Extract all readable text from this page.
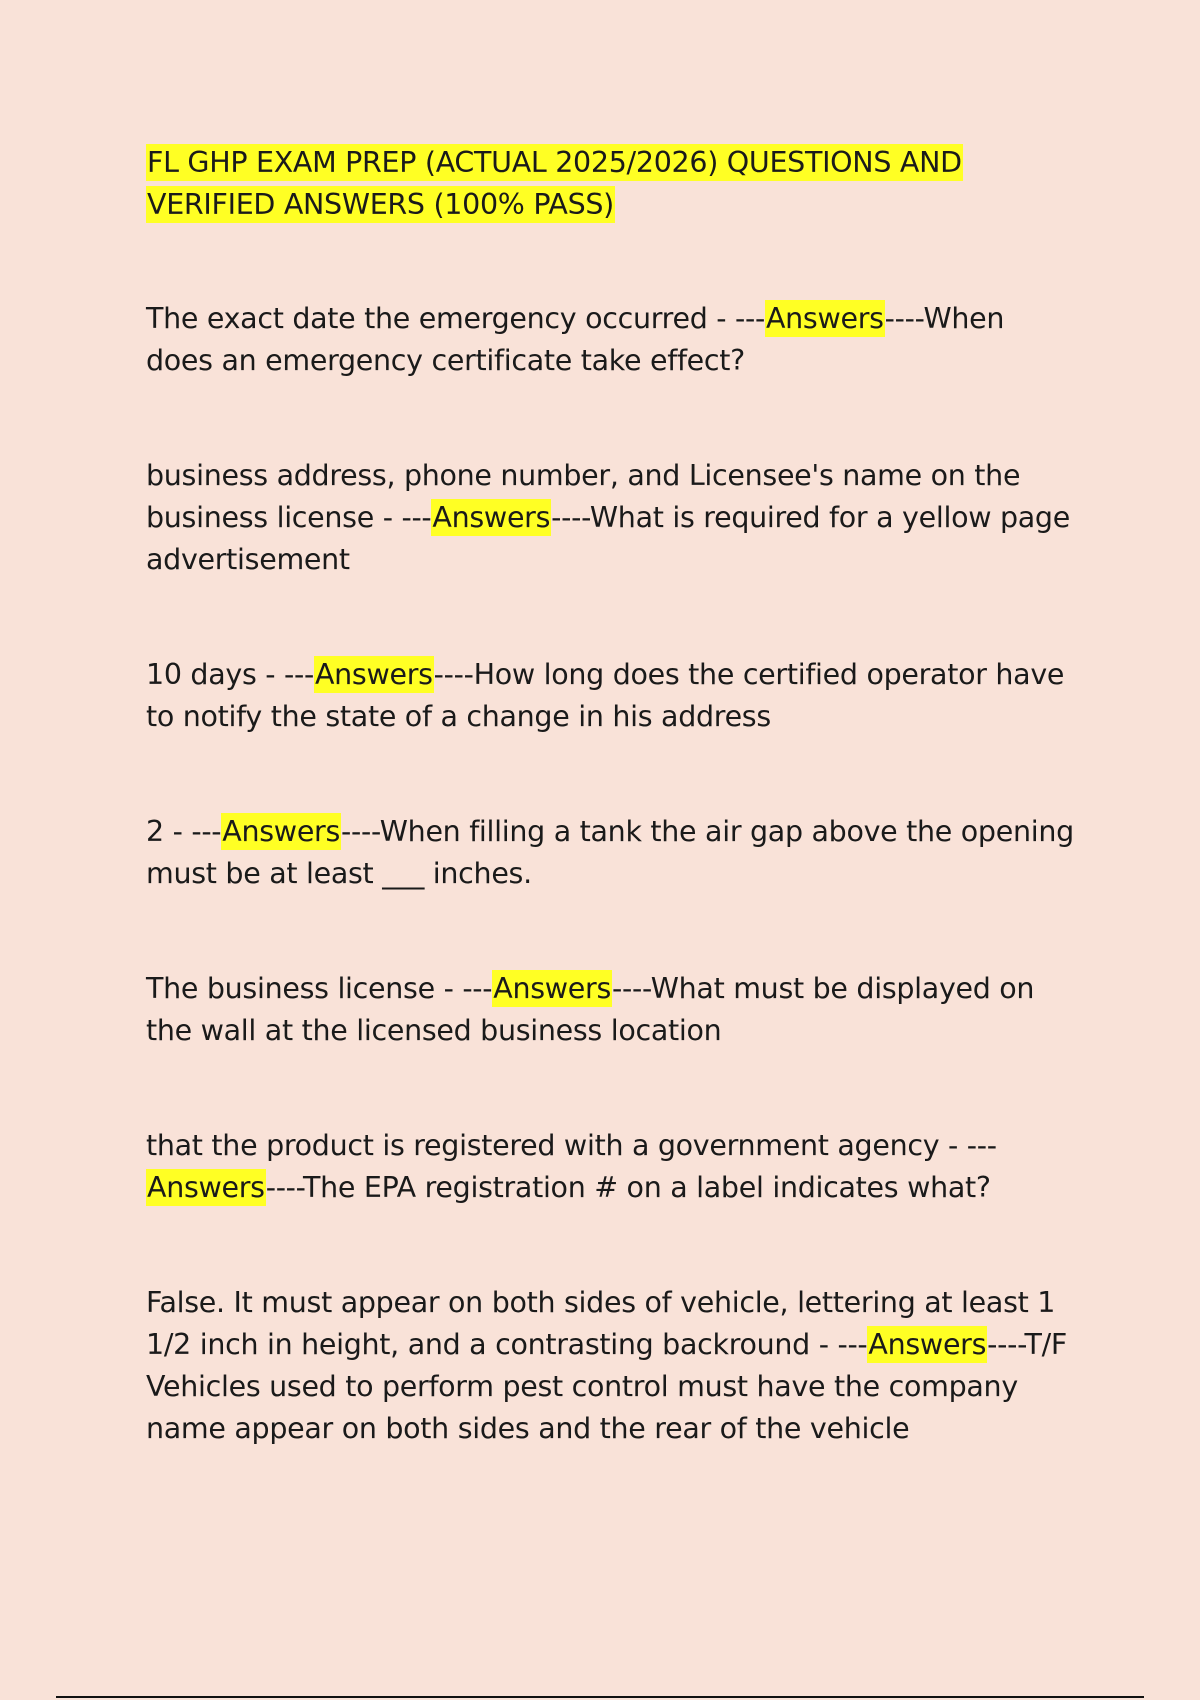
FL GHP EXAM PREP (ACTUAL 2025/2026) QUESTIONS AND VERIFIED ANSWERS (100% PASS)

The exact date the emergency occurred - ---Answers----When does an emergency certificate take effect?

business address, phone number, and Licensee's name on the business license - ---Answers----What is required for a yellow page advertisement

10 days - ---Answers----How long does the certified operator have to notify the state of a change in his address

2 - ---Answers----When filling a tank the air gap above the opening must be at least ___ inches.

The business license - ---Answers----What must be displayed on the wall at the licensed business location

that the product is registered with a government agency - ---Answers----The EPA registration # on a label indicates what?

False. It must appear on both sides of vehicle, lettering at least 1 1/2 inch in height, and a contrasting backround - ---Answers----T/F Vehicles used to perform pest control must have the company name appear on both sides and the rear of the vehicle
